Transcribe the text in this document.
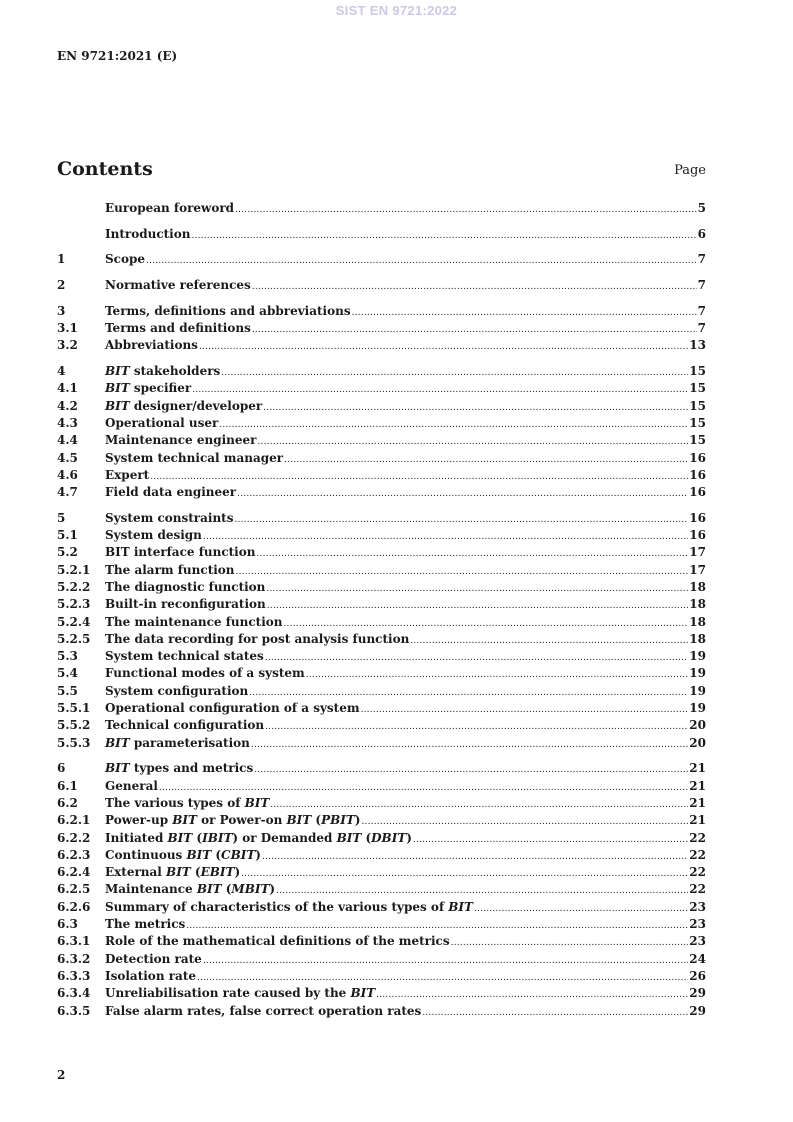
SIST EN 9721:2022
EN 9721:2021 (E)
Contents	Page
European foreword .....	5
Introduction .....	6
1	Scope .....	7
2	Normative references .....	7
3	Terms, definitions and abbreviations .....	7
3.1	Terms and definitions .....	7
3.2	Abbreviations .....	13
4	BIT stakeholders .....	15
4.1	BIT specifier .....	15
4.2	BIT designer/developer .....	15
4.3	Operational user .....	15
4.4	Maintenance engineer .....	15
4.5	System technical manager .....	16
4.6	Expert .....	16
4.7	Field data engineer .....	16
5	System constraints .....	16
5.1	System design .....	16
5.2	BIT interface function .....	17
5.2.1	The alarm function .....	17
5.2.2	The diagnostic function .....	18
5.2.3	Built-in reconfiguration .....	18
5.2.4	The maintenance function .....	18
5.2.5	The data recording for post analysis function .....	18
5.3	System technical states .....	19
5.4	Functional modes of a system .....	19
5.5	System configuration .....	19
5.5.1	Operational configuration of a system .....	19
5.5.2	Technical configuration .....	20
5.5.3	BIT parameterisation .....	20
6	BIT types and metrics .....	21
6.1	General .....	21
6.2	The various types of BIT .....	21
6.2.1	Power-up BIT or Power-on BIT (PBIT) .....	21
6.2.2	Initiated BIT (IBIT) or Demanded BIT (DBIT) .....	22
6.2.3	Continuous BIT (CBIT) .....	22
6.2.4	External BIT (EBIT) .....	22
6.2.5	Maintenance BIT (MBIT) .....	22
6.2.6	Summary of characteristics of the various types of BIT .....	23
6.3	The metrics .....	23
6.3.1	Role of the mathematical definitions of the metrics .....	23
6.3.2	Detection rate .....	24
6.3.3	Isolation rate .....	26
6.3.4	Unreliabilisation rate caused by the BIT .....	29
6.3.5	False alarm rates, false correct operation rates .....	29
2
